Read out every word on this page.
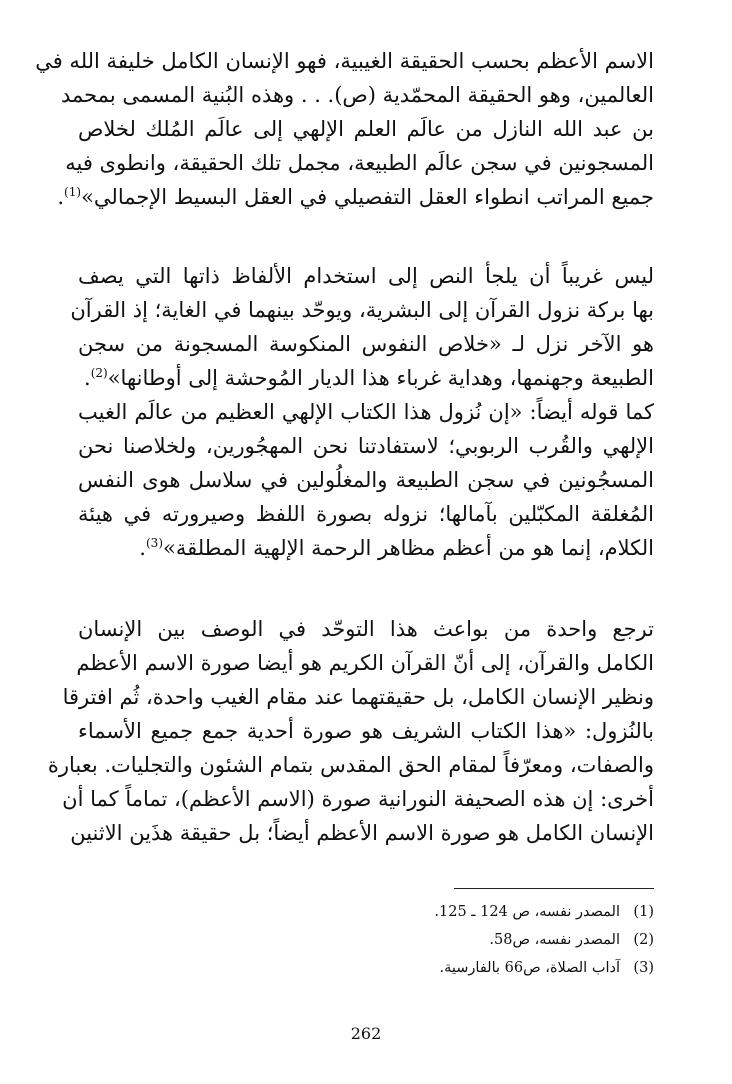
الاسم الأعظم بحسب الحقيقة الغيبية، فهو الإنسان الكامل خليفة الله في
العالمين، وهو الحقيقة المحمّدية (ص). . . وهذه البُنية المسمى بمحمد
بن عبد الله النازل من عالَم العلم الإلهي إلى عالَم المُلك لخلاص
المسجونين في سجن عالَم الطبيعة، مجمل تلك الحقيقة، وانطوى فيه
جميع المراتب انطواء العقل التفصيلي في العقل البسيط الإجمالي»$^{(1)}$.
ليس غريباً أن يلجأ النص إلى استخدام الألفاظ ذاتها التي يصف
بها بركة نزول القرآن إلى البشرية، ويوحّد بينهما في الغاية؛ إذ القرآن
هو الآخر نزل لـ «خلاص النفوس المنكوسة المسجونة من سجن
الطبيعة وجهنمها، وهداية غرباء هذا الديار المُوحشة إلى أوطانها»$^{(2)}$.
كما قوله أيضاً: «إن نُزول هذا الكتاب الإلهي العظيم من عالَم الغيب
الإلهي والقُرب الربوبي؛ لاستفادتنا نحن المهجُورين، ولخلاصنا نحن
المسجُونين في سجن الطبيعة والمغلُولين في سلاسل هوى النفس
المُغلقة المكبّلين بآمالها؛ نزوله بصورة اللفظ وصيرورته في هيئة
الكلام، إنما هو من أعظم مظاهر الرحمة الإلهية المطلقة»$^{(3)}$.
ترجع واحدة من بواعث هذا التوحّد في الوصف بين الإنسان
الكامل والقرآن، إلى أنّ القرآن الكريم هو أيضا صورة الاسم الأعظم
ونظير الإنسان الكامل، بل حقيقتهما عند مقام الغيب واحدة، ثُم افترقا
بالنُزول: «هذا الكتاب الشريف هو صورة أحدية جمع جميع الأسماء
والصفات، ومعرّفاً لمقام الحق المقدس بتمام الشئون والتجليات. بعبارة
أخرى: إن هذه الصحيفة النورانية صورة (الاسم الأعظم)، تماماً كما أن
الإنسان الكامل هو صورة الاسم الأعظم أيضاً؛ بل حقيقة هذَين الاثنين
(1)المصدر نفسه، ص 124 ـ 125.
(2)المصدر نفسه، ص58.
(3)آداب الصلاة، ص66 بالفارسية.
262
